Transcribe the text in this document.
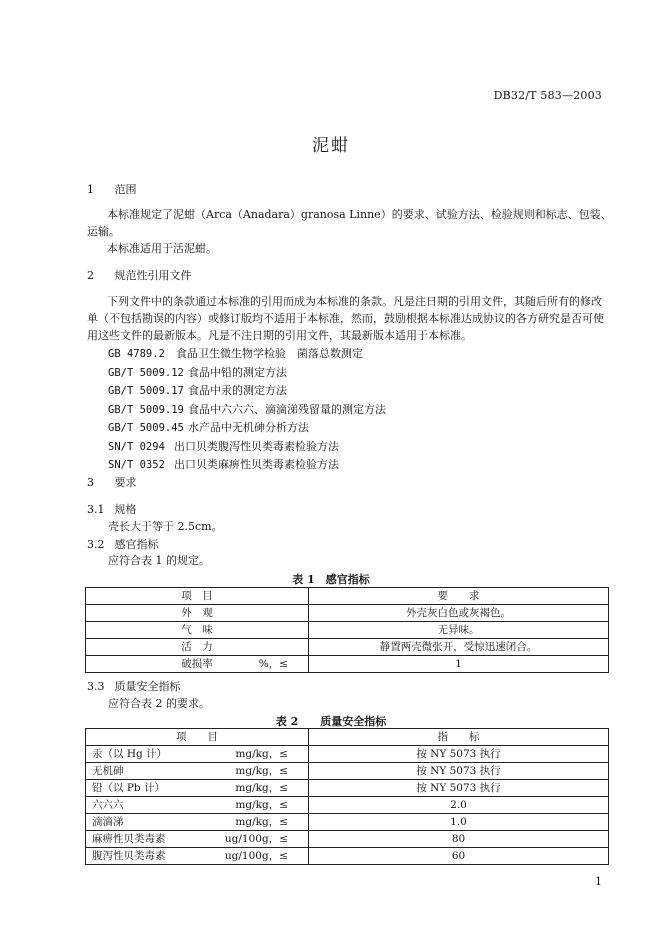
DB32/T 583—2003
泥蚶
1 范围
本标准规定了泥蚶（Arca（Anadara）granosa Linne）的要求、试验方法、检验规则和标志、包装、运输。
本标准适用于活泥蚶。
2 规范性引用文件
下列文件中的条款通过本标准的引用而成为本标准的条款。凡是注日期的引用文件，其随后所有的修改单（不包括勘误的内容）或修订版均不适用于本标准，然而，鼓励根据本标准达成协议的各方研究是否可使用这些文件的最新版本。凡是不注日期的引用文件，其最新版本适用于本标准。
GB 4789.2 食品卫生微生物学检验　菌落总数测定
GB/T 5009.12 食品中铅的测定方法
GB/T 5009.17 食品中汞的测定方法
GB/T 5009.19 食品中六六六、滴滴涕残留量的测定方法
GB/T 5009.45 水产品中无机砷分析方法
SN/T 0294 出口贝类腹泻性贝类毒素检验方法
SN/T 0352 出口贝类麻痹性贝类毒素检验方法
3 要求
3.1 规格
壳长大于等于 2.5cm。
3.2 感官指标
应符合表 1 的规定。
表 1　感官指标
项　目	要　　求
外　观	外壳灰白色或灰褐色。
气　味	无异味。
活　力	静置两壳微张开，受惊迅速闭合。
破损率 %，≤	1
3.3 质量安全指标
应符合表 2 的要求。
表 2　　质量安全指标
项　　目	指　　标
汞（以 Hg 计） mg/kg，≤	按 NY 5073 执行
无机砷 mg/kg，≤	按 NY 5073 执行
铅（以 Pb 计） mg/kg，≤	按 NY 5073 执行
六六六 mg/kg，≤	2.0
滴滴涕 mg/kg，≤	1.0
麻痹性贝类毒素 ug/100g，≤	80
腹泻性贝类毒素 ug/100g，≤	60
1
